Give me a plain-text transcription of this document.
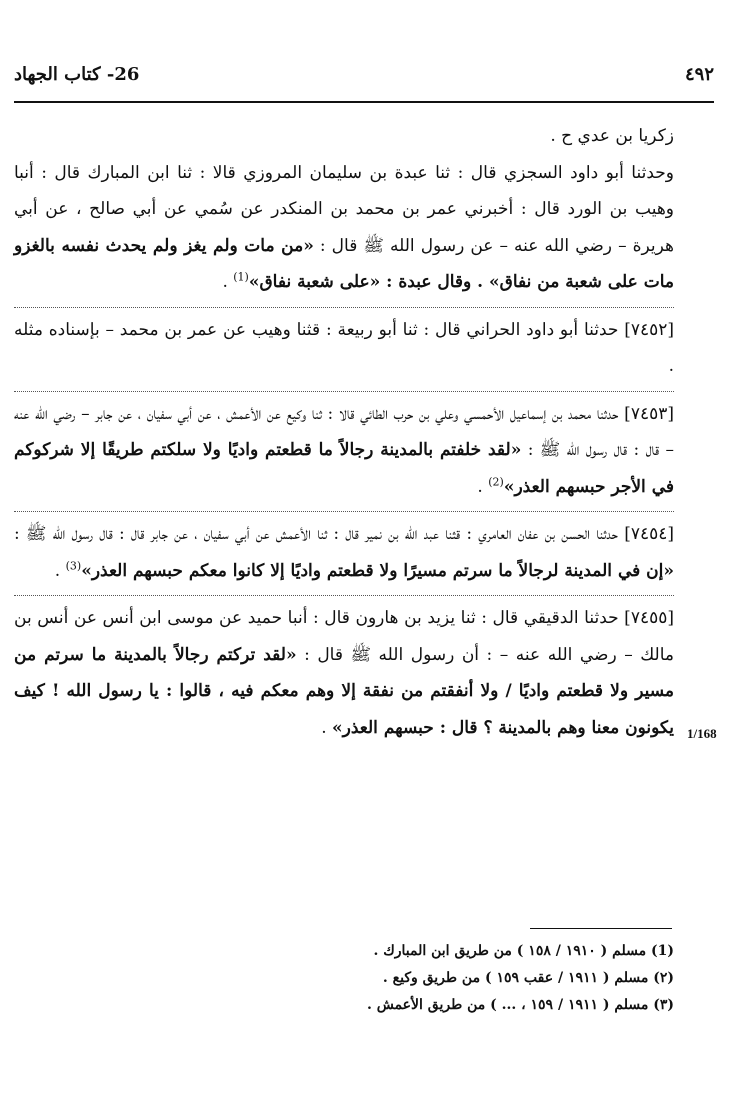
26- كتاب الجهاد	٤٩٢

زكريا بن عدي ح .

وحدثنا أبو داود السجزي قال : ثنا عبدة بن سليمان المروزي قالا : ثنا ابن المبارك قال : أنبا وهيب بن الورد قال : أخبرني عمر بن محمد بن المنكدر عن سُمي عن أبي صالح ، عن أبي هريرة – رضي الله عنه – عن رسول الله ﷺ قال : «من مات ولم يغز ولم يحدث نفسه بالغزو مات على شعبة من نفاق» . وقال عبدة : «على شعبة نفاق»$^{(1)}$ .

[٧٤٥٢] حدثنا أبو داود الحراني قال : ثنا أبو ربيعة : قثنا وهيب عن عمر بن محمد – بإسناده مثله .

[٧٤٥٣] حدثنا محمد بن إسماعيل الأحمسي وعلي بن حرب الطائي قالا : ثنا وكيع عن الأعمش ، عن أبي سفيان ، عن جابر – رضي الله عنه – قال : قال رسول الله ﷺ : «لقد خلفتم بالمدينة رجالاً ما قطعتم واديًا ولا سلكتم طريقًا إلا شركوكم في الأجر حبسهم العذر»$^{(2)}$ .

[٧٤٥٤] حدثنا الحسن بن عفان العامري : قثنا عبد الله بن نمير قال : ثنا الأعمش عن أبي سفيان ، عن جابر قال : قال رسول الله ﷺ : «إن في المدينة لرجالاً ما سرتم مسيرًا ولا قطعتم واديًا إلا كانوا معكم حبسهم العذر»$^{(3)}$ .

[٧٤٥٥] حدثنا الدقيقي قال : ثنا يزيد بن هارون قال : أنبا حميد عن موسى ابن أنس عن أنس بن مالك – رضي الله عنه – : أن رسول الله ﷺ قال : «لقد تركتم رجالاً بالمدينة ما سرتم من مسير ولا قطعتم واديًا / ولا أنفقتم من نفقة إلا وهم معكم فيه ، قالوا : يا رسول الله ! كيف يكونون معنا وهم بالمدينة ؟ قال : حبسهم العذر» .	1/168
(1) مسلم ( ١٩١٠ / ١٥٨ ) من طريق ابن المبارك .
(٢) مسلم ( ١٩١١ / عقب ١٥٩ ) من طريق وكيع .
(٣) مسلم ( ١٩١١ / ١٥٩ ، ... ) من طريق الأعمش .
